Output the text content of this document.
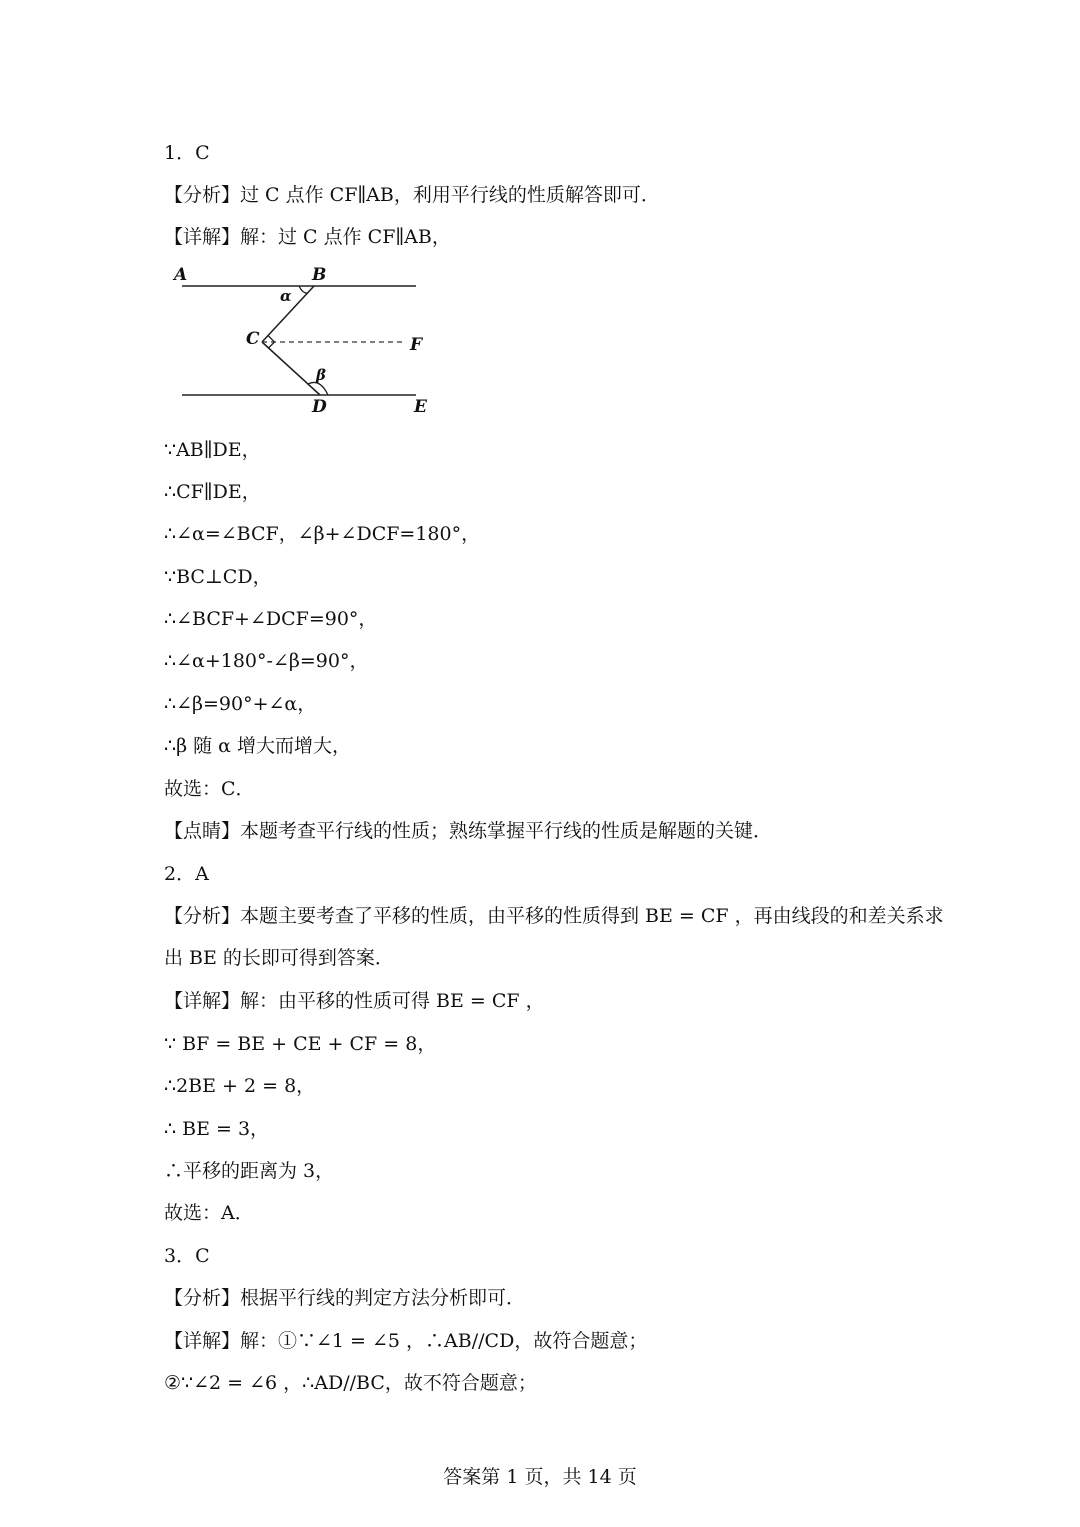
1．C
【分析】过 C 点作 CF∥AB，利用平行线的性质解答即可．
【详解】解：过 C 点作 CF∥AB，
A	B
C	F
D	E
α
β
∵AB∥DE，
∴CF∥DE，
∴∠α=∠BCF，∠β+∠DCF=180°，
∵BC⊥CD，
∴∠BCF+∠DCF=90°，
∴∠α+180°-∠β=90°，
∴∠β=90°+∠α，
∴β 随 α 增大而增大，
故选：C．
【点睛】本题考查平行线的性质；熟练掌握平行线的性质是解题的关键．
2．A
【分析】本题主要考查了平移的性质，由平移的性质得到 BE = CF ，再由线段的和差关系求
出 BE 的长即可得到答案．
【详解】解：由平移的性质可得 BE = CF ，
∵ BF = BE + CE + CF = 8，
∴2BE + 2 = 8，
∴ BE = 3，
∴平移的距离为 3，
故选：A．
3．C
【分析】根据平行线的判定方法分析即可．
【详解】解：①∵∠1 = ∠5 ，∴AB//CD，故符合题意；
②∵∠2 = ∠6 ，∴AD//BC，故不符合题意；
答案第 1 页，共 14 页
